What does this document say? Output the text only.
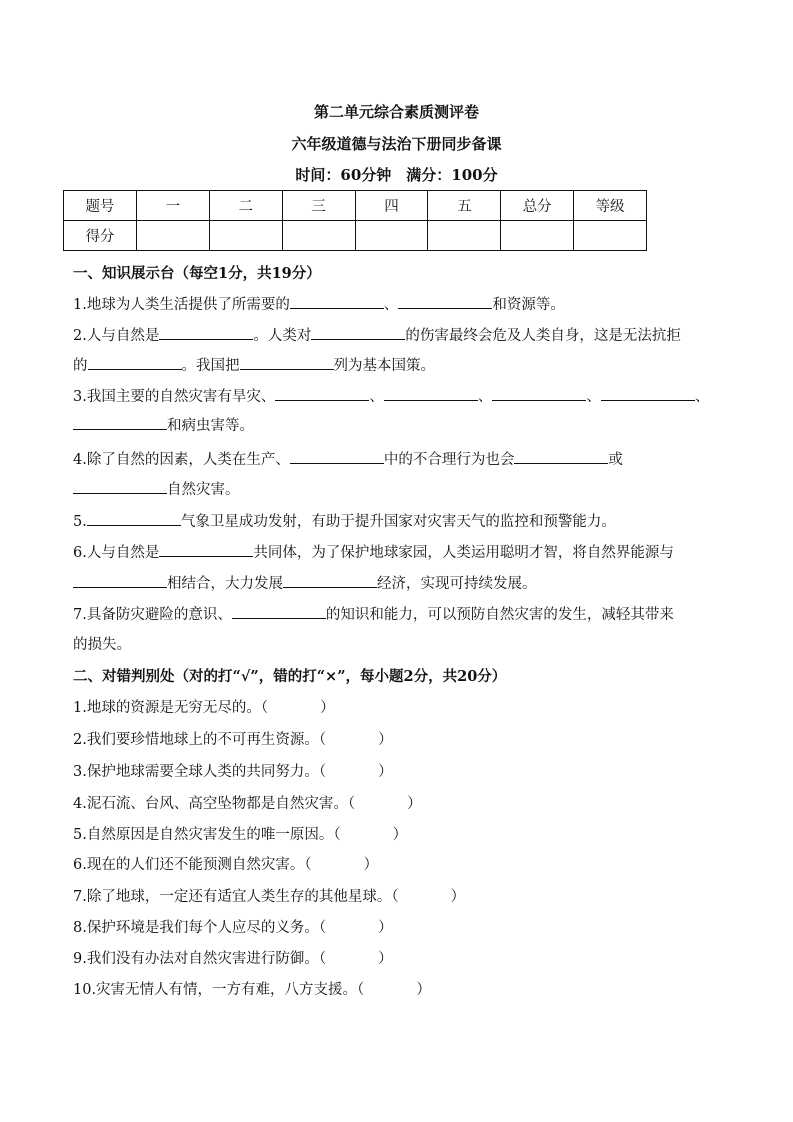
第二单元综合素质测评卷
六年级道德与法治下册同步备课
时间：60分钟　满分：100分
题号	一	二	三	四	五	总分	等级
得分							
一、知识展示台（每空1分，共19分）
1.地球为人类生活提供了所需要的	、	和资源等。
2.人与自然是	。人类对	的伤害最终会危及人类自身，这是无法抗拒
的	。我国把	列为基本国策。
3.我国主要的自然灾害有旱灾、	、	、	、	、
和病虫害等。
4.除了自然的因素，人类在生产、	中的不合理行为也会	或
自然灾害。
5.	气象卫星成功发射，有助于提升国家对灾害天气的监控和预警能力。
6.人与自然是	共同体，为了保护地球家园，人类运用聪明才智，将自然界能源与
相结合，大力发展	经济，实现可持续发展。
7.具备防灾避险的意识、	的知识和能力，可以预防自然灾害的发生，减轻其带来
的损失。
二、对错判别处（对的打“√”，错的打“×”，每小题2分，共20分）
1.地球的资源是无穷无尽的。（	）
2.我们要珍惜地球上的不可再生资源。（	）
3.保护地球需要全球人类的共同努力。（	）
4.泥石流、台风、高空坠物都是自然灾害。（	）
5.自然原因是自然灾害发生的唯一原因。（	）
6.现在的人们还不能预测自然灾害。（	）
7.除了地球，一定还有适宜人类生存的其他星球。（	）
8.保护环境是我们每个人应尽的义务。（	）
9.我们没有办法对自然灾害进行防御。（	）
10.灾害无情人有情，一方有难，八方支援。（	）
